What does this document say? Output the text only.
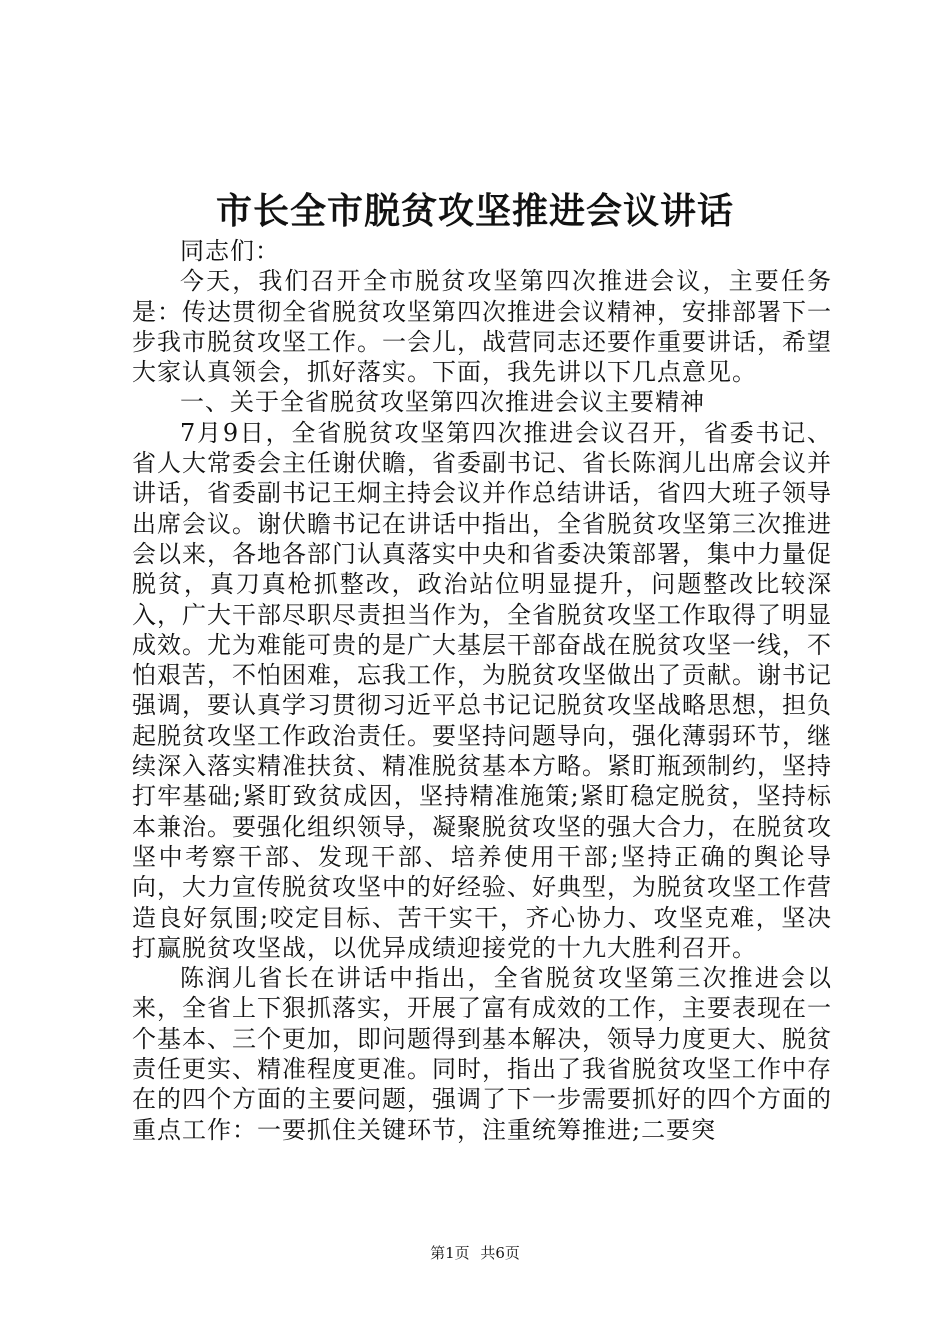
市长全市脱贫攻坚推进会议讲话

同志们：

今天，我们召开全市脱贫攻坚第四次推进会议，主要任务是：传达贯彻全省脱贫攻坚第四次推进会议精神，安排部署下一步我市脱贫攻坚工作。一会儿，战营同志还要作重要讲话，希望大家认真领会，抓好落实。下面，我先讲以下几点意见。

一、关于全省脱贫攻坚第四次推进会议主要精神

7月9日，全省脱贫攻坚第四次推进会议召开，省委书记、省人大常委会主任谢伏瞻，省委副书记、省长陈润儿出席会议并讲话，省委副书记王炯主持会议并作总结讲话，省四大班子领导出席会议。谢伏瞻书记在讲话中指出，全省脱贫攻坚第三次推进会以来，各地各部门认真落实中央和省委决策部署，集中力量促脱贫，真刀真枪抓整改，政治站位明显提升，问题整改比较深入，广大干部尽职尽责担当作为，全省脱贫攻坚工作取得了明显成效。尤为难能可贵的是广大基层干部奋战在脱贫攻坚一线，不怕艰苦，不怕困难，忘我工作，为脱贫攻坚做出了贡献。谢书记强调，要认真学习贯彻习近平总书记记脱贫攻坚战略思想，担负起脱贫攻坚工作政治责任。要坚持问题导向，强化薄弱环节，继续深入落实精准扶贫、精准脱贫基本方略。紧盯瓶颈制约，坚持打牢基础;紧盯致贫成因，坚持精准施策;紧盯稳定脱贫，坚持标本兼治。要强化组织领导，凝聚脱贫攻坚的强大合力，在脱贫攻坚中考察干部、发现干部、培养使用干部;坚持正确的舆论导向，大力宣传脱贫攻坚中的好经验、好典型，为脱贫攻坚工作营造良好氛围;咬定目标、苦干实干，齐心协力、攻坚克难，坚决打赢脱贫攻坚战，以优异成绩迎接党的十九大胜利召开。

陈润儿省长在讲话中指出，全省脱贫攻坚第三次推进会以来，全省上下狠抓落实，开展了富有成效的工作，主要表现在一个基本、三个更加，即问题得到基本解决，领导力度更大、脱贫责任更实、精准程度更准。同时，指出了我省脱贫攻坚工作中存在的四个方面的主要问题，强调了下一步需要抓好的四个方面的重点工作：一要抓住关键环节，注重统筹推进;二要突

第1页 共6页
